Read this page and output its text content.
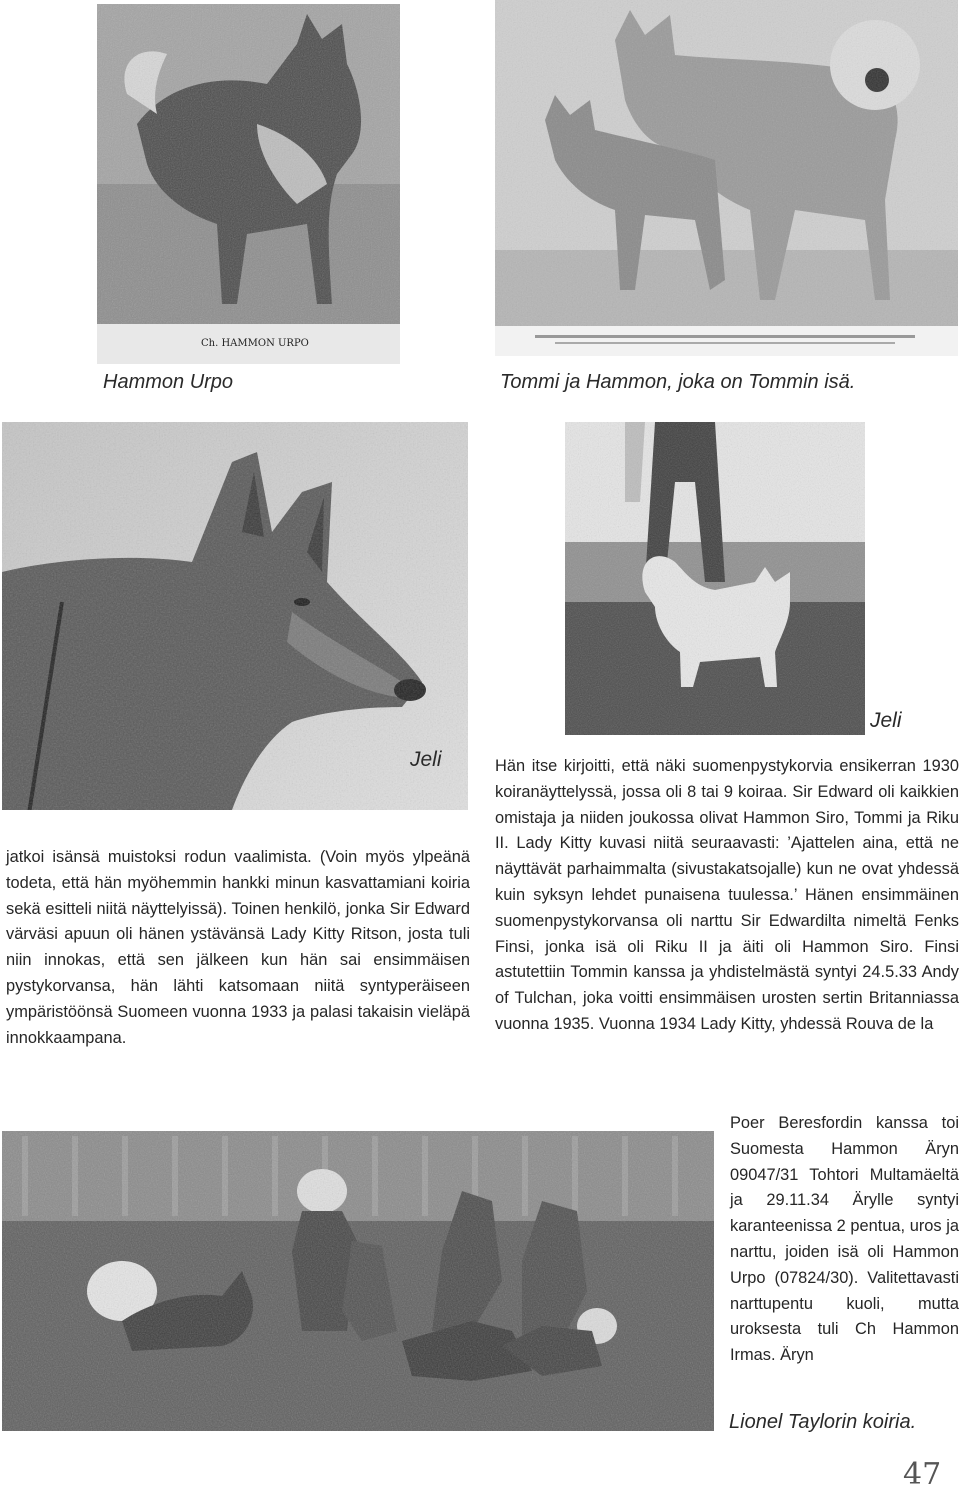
Ch. HAMMON URPO
Hammon Urpo	Tommi ja Hammon, joka on Tommin isä.
Jeli
Jeli

jatkoi isänsä muistoksi rodun vaalimista. (Voin myös ylpeänä todeta, että hän myöhemmin hankki minun kasvattamiani koiria sekä esitteli niitä näyttelyissä). Toinen henkilö, jonka Sir Edward värväsi apuun oli hänen ystävänsä Lady Kitty Ritson, josta tuli niin innokas, että sen jälkeen kun hän sai ensimmäisen pystykorvansa, hän lähti katsomaan niitä syntyperäiseen ympäristöönsä Suomeen vuonna 1933 ja palasi takaisin vieläpä innokkaampana.

Hän itse kirjoitti, että näki suomenpystykorvia ensikerran 1930 koiranäyttelyssä, jossa oli 8 tai 9 koiraa. Sir Edward oli kaikkien omistaja ja niiden joukossa olivat Hammon Siro, Tommi ja Riku II. Lady Kitty kuvasi niitä seuraavasti: ’Ajattelen aina, että ne näyttävät parhaimmalta (sivustakatsojalle) kun ne ovat yhdessä kuin syksyn lehdet punaisena tuulessa.’ Hänen ensimmäinen suomenpystykorvansa oli narttu Sir Edwardilta nimeltä Fenks Finsi, jonka isä oli Riku II ja äiti oli Hammon Siro. Finsi astutettiin Tommin kanssa ja yhdistelmästä syntyi 24.5.33 Andy of Tulchan, joka voitti ensimmäisen urosten sertin Britanniassa vuonna 1935. Vuonna 1934 Lady Kitty, yhdessä Rouva de la

Poer Beresfordin kanssa toi Suomesta Hammon Äryn 09047/31 Tohtori Multamäeltä ja 29.11.34 Ärylle syntyi karanteenissa 2 pentua, uros ja narttu, joiden isä oli Hammon Urpo (07824/30). Valitettavasti narttupentu kuoli, mutta uroksesta tuli Ch Hammon Irmas. Äryn

Lionel Taylorin koiria.
47
